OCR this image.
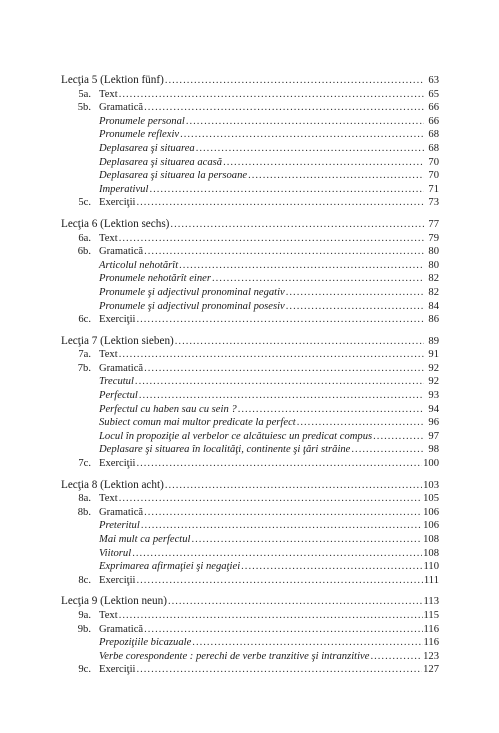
Lecţia 5 (Lektion fünf) .....	63
5a. Text .....	65
5b. Gramatică .....	66
Pronumele personal .....	66
Pronumele reflexiv .....	68
Deplasarea şi situarea .....	68
Deplasarea şi situarea acasă .....	70
Deplasarea şi situarea la persoane .....	70
Imperativul .....	71
5c. Exerciţii .....	73
Lecţia 6 (Lektion sechs) .....	77
6a. Text .....	79
6b. Gramatică .....	80
Articolul nehotărît .....	80
Pronumele nehotărît einer .....	82
Pronumele şi adjectivul pronominal negativ .....	82
Pronumele şi adjectivul pronominal posesiv .....	84
6c. Exerciţii .....	86
Lecţia 7 (Lektion sieben) .....	89
7a. Text .....	91
7b. Gramatică .....	92
Trecutul .....	92
Perfectul .....	93
Perfectul cu haben sau cu sein ? .....	94
Subiect comun mai multor predicate la perfect .....	96
Locul în propoziţie al verbelor ce alcătuiesc un predicat compus .....	97
Deplasare şi situarea în localităţi, continente şi ţări străine .....	98
7c. Exerciţii .....	100
Lecţia 8 (Lektion acht) .....	103
8a. Text .....	105
8b. Gramatică .....	106
Preteritul .....	106
Mai mult ca perfectul .....	108
Viitorul .....	108
Exprimarea afirmaţiei şi negaţiei .....	110
8c. Exerciţii .....	111
Lecţia 9 (Lektion neun) .....	113
9a. Text .....	115
9b. Gramatică .....	116
Prepoziţiile bicazuale .....	116
Verbe corespondente : perechi de verbe tranzitive şi intranzitive .....	123
9c. Exerciţii .....	127
